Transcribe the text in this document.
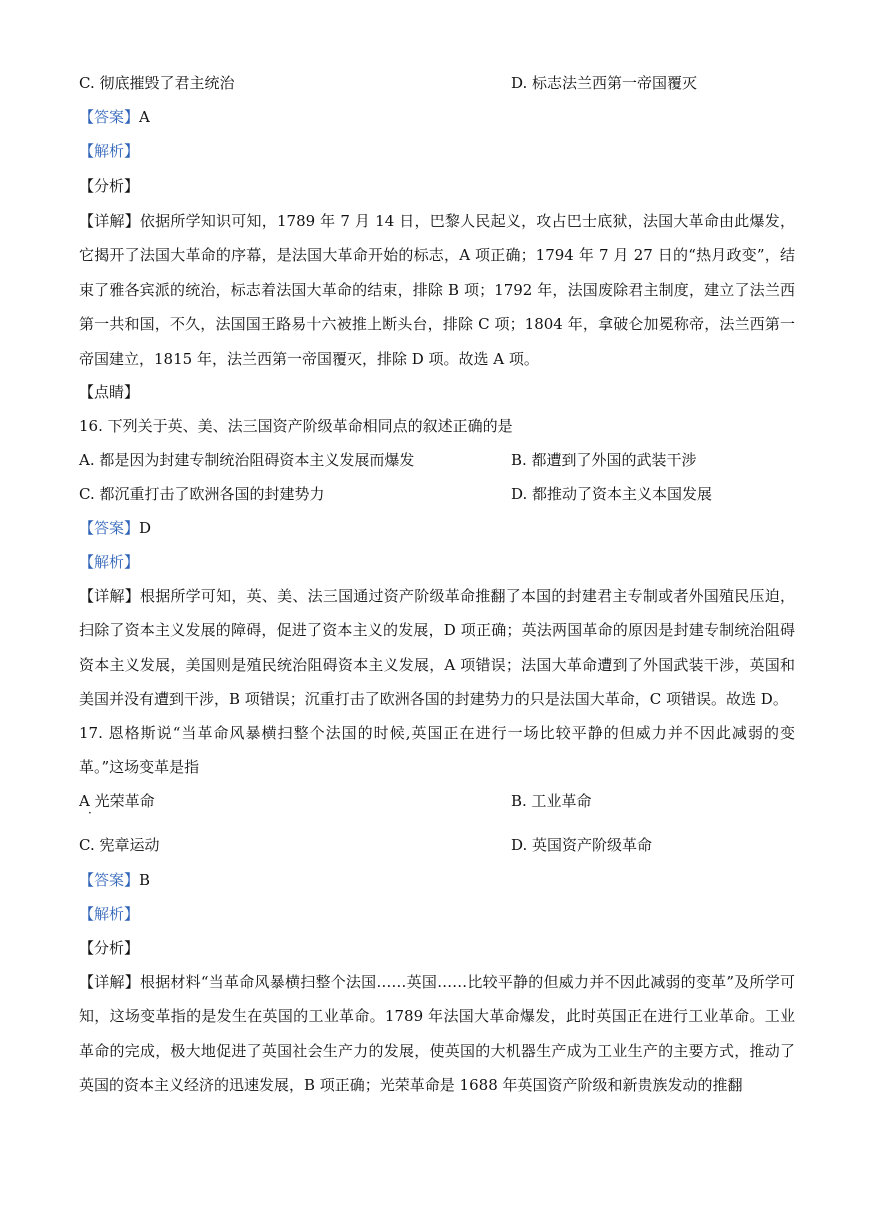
C. 彻底摧毁了君主统治	D. 标志法兰西第一帝国覆灭
【答案】A
【解析】
【分析】
【详解】依据所学知识可知，1789 年 7 月 14 日，巴黎人民起义，攻占巴士底狱，法国大革命由此爆发，它揭开了法国大革命的序幕，是法国大革命开始的标志，A 项正确；1794 年 7 月 27 日的“热月政变”，结束了雅各宾派的统治，标志着法国大革命的结束，排除 B 项；1792 年，法国废除君主制度，建立了法兰西第一共和国，不久，法国国王路易十六被推上断头台，排除 C 项；1804 年，拿破仑加冕称帝，法兰西第一帝国建立，1815 年，法兰西第一帝国覆灭，排除 D 项。故选 A 项。
【点睛】
16. 下列关于英、美、法三国资产阶级革命相同点的叙述正确的是
A. 都是因为封建专制统治阻碍资本主义发展而爆发	B. 都遭到了外国的武装干涉
C. 都沉重打击了欧洲各国的封建势力	D. 都推动了资本主义本国发展
【答案】D
【解析】
【详解】根据所学可知，英、美、法三国通过资产阶级革命推翻了本国的封建君主专制或者外国殖民压迫，扫除了资本主义发展的障碍，促进了资本主义的发展，D 项正确；英法两国革命的原因是封建专制统治阻碍资本主义发展，美国则是殖民统治阻碍资本主义发展，A 项错误；法国大革命遭到了外国武装干涉，英国和美国并没有遭到干涉，B 项错误；沉重打击了欧洲各国的封建势力的只是法国大革命，C 项错误。故选 D。
17. 恩格斯说“当革命风暴横扫整个法国的时候,英国正在进行一场比较平静的但威力并不因此减弱的变革。”这场变革是指
A 光荣革命	B. 工业革命
·
C. 宪章运动	D. 英国资产阶级革命
【答案】B
【解析】
【分析】
【详解】根据材料“当革命风暴横扫整个法国……英国……比较平静的但威力并不因此减弱的变革”及所学可知，这场变革指的是发生在英国的工业革命。1789 年法国大革命爆发，此时英国正在进行工业革命。工业革命的完成，极大地促进了英国社会生产力的发展，使英国的大机器生产成为工业生产的主要方式，推动了英国的资本主义经济的迅速发展，B 项正确；光荣革命是 1688 年英国资产阶级和新贵族发动的推翻
